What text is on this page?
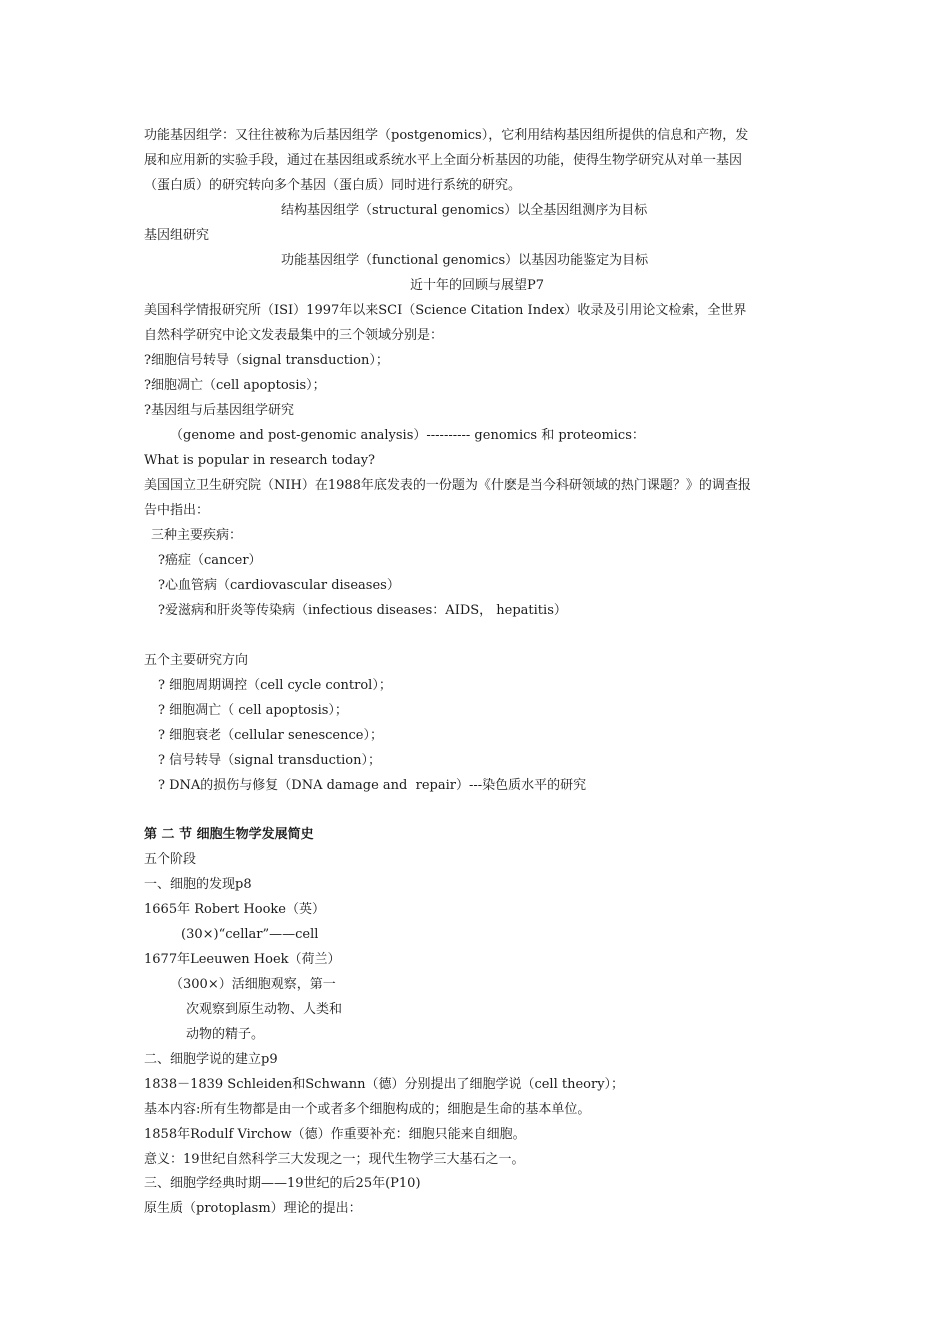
功能基因组学：又往往被称为后基因组学（postgenomics），它利用结构基因组所提供的信息和产物，发
展和应用新的实验手段，通过在基因组或系统水平上全面分析基因的功能，使得生物学研究从对单一基因
（蛋白质）的研究转向多个基因（蛋白质）同时进行系统的研究。
结构基因组学（structural genomics）以全基因组测序为目标
基因组研究
功能基因组学（functional genomics）以基因功能鉴定为目标
近十年的回顾与展望P7
美国科学情报研究所（ISI）1997年以来SCI（Science Citation Index）收录及引用论文检索，全世界
自然科学研究中论文发表最集中的三个领域分别是：
?细胞信号转导（signal transduction）；
?细胞凋亡（cell apoptosis）；
?基因组与后基因组学研究
（genome and post-genomic analysis）---------- genomics 和 proteomics：
What is popular in research today?
美国国立卫生研究院（NIH）在1988年底发表的一份题为《什麽是当今科研领域的热门课题？》的调查报
告中指出：
三种主要疾病：
?癌症（cancer）
?心血管病（cardiovascular diseases）
?爱滋病和肝炎等传染病（infectious diseases：AIDS， hepatitis）
五个主要研究方向
? 细胞周期调控（cell cycle control）；
? 细胞凋亡（ cell apoptosis）；
? 细胞衰老（cellular senescence）；
? 信号转导（signal transduction）；
? DNA的损伤与修复（DNA damage and  repair）---染色质水平的研究
第 二 节 细胞生物学发展简史
五个阶段
一、细胞的发现p8
1665年 Robert Hooke（英）
(30×)“cellar”——cell
1677年Leeuwen Hoek（荷兰）
（300×）活细胞观察，第一
次观察到原生动物、人类和
动物的精子。
二、细胞学说的建立p9
1838－1839 Schleiden和Schwann（德）分别提出了细胞学说（cell theory）；
基本内容:所有生物都是由一个或者多个细胞构成的；细胞是生命的基本单位。
1858年Rodulf Virchow（德）作重要补充：细胞只能来自细胞。
意义：19世纪自然科学三大发现之一；现代生物学三大基石之一。
三、细胞学经典时期——19世纪的后25年(P10)
原生质（protoplasm）理论的提出：
